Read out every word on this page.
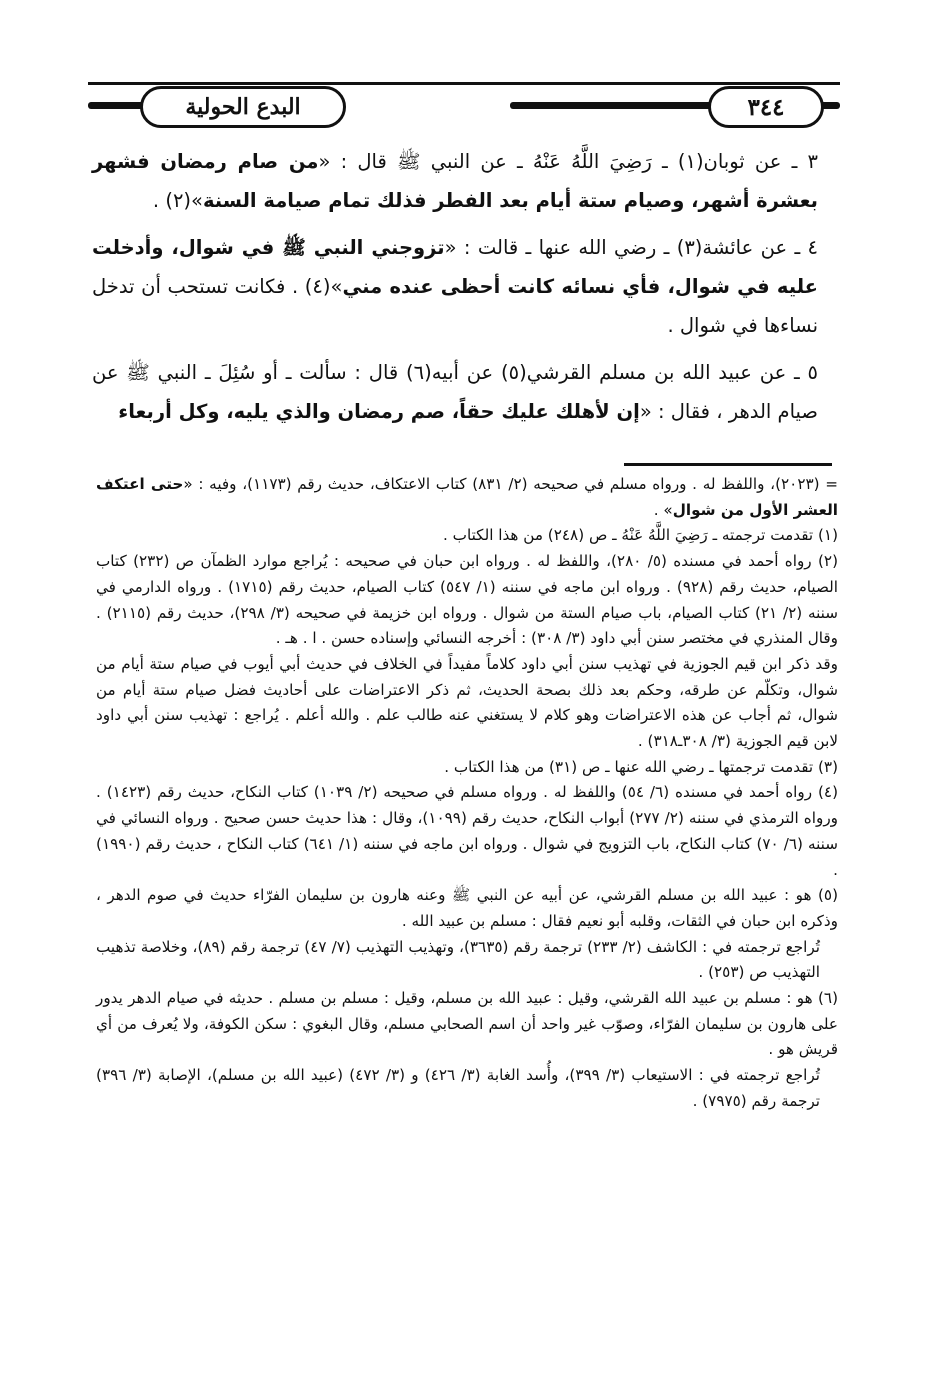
البدع الحولية	٣٤٤

٣ ـ عن ثوبان(١) ـ رَضِيَ اللَّهُ عَنْهُ ـ عن النبي ﷺ قال : «من صام رمضان فشهر بعشرة أشهر، وصيام ستة أيام بعد الفطر فذلك تمام صيامة السنة»(٢) .

٤ ـ عن عائشة(٣) ـ رضي الله عنها ـ قالت : «تزوجني النبي ﷺ في شوال، وأدخلت عليه في شوال، فأي نسائه كانت أحظى عنده مني»(٤) . فكانت تستحب أن تدخل نساءها في شوال .

٥ ـ عن عبيد الله بن مسلم القرشي(٥) عن أبيه(٦) قال : سألت ـ أو سُئِلَ ـ النبي ﷺ عن صيام الدهر ، فقال : «إن لأهلك عليك حقاً، صم رمضان والذي يليه، وكل أربعاء

= (٢٠٢٣)، واللفظ له . ورواه مسلم في صحيحه (٢/ ٨٣١) كتاب الاعتكاف، حديث رقم (١١٧٣)، وفيه : «حتى اعتكف العشر الأول من شوال» .

(١) تقدمت ترجمته ـ رَضِيَ اللَّهُ عَنْهُ ـ ص (٢٤٨) من هذا الكتاب .

(٢) رواه أحمد في مسنده (٥/ ٢٨٠)، واللفظ له . ورواه ابن حبان في صحيحه : يُراجع موارد الظمآن ص (٢٣٢) كتاب الصيام، حديث رقم (٩٢٨) . ورواه ابن ماجه في سننه (١/ ٥٤٧) كتاب الصيام، حديث رقم (١٧١٥) . ورواه الدارمي في سننه (٢/ ٢١) كتاب الصيام، باب صيام الستة من شوال . ورواه ابن خزيمة في صحيحه (٣/ ٢٩٨)، حديث رقم (٢١١٥) . وقال المنذري في مختصر سنن أبي داود (٣/ ٣٠٨) : أخرجه النسائي وإسناده حسن . ا . هـ .

وقد ذكر ابن قيم الجوزية في تهذيب سنن أبي داود كلاماً مفيداً في الخلاف في حديث أبي أيوب في صيام ستة أيام من شوال، وتكلّم عن طرقه، وحكم بعد ذلك بصحة الحديث، ثم ذكر الاعتراضات على أحاديث فضل صيام ستة أيام من شوال، ثم أجاب عن هذه الاعتراضات وهو كلام لا يستغني عنه طالب علم . والله أعلم . يُراجع : تهذيب سنن أبي داود لابن قيم الجوزية (٣/ ٣٠٨ـ٣١٨) .

(٣) تقدمت ترجمتها ـ رضي الله عنها ـ ص (٣١) من هذا الكتاب .

(٤) رواه أحمد في مسنده (٦/ ٥٤) واللفظ له . ورواه مسلم في صحيحه (٢/ ١٠٣٩) كتاب النكاح، حديث رقم (١٤٢٣) . ورواه الترمذي في سننه (٢/ ٢٧٧) أبواب النكاح، حديث رقم (١٠٩٩)، وقال : هذا حديث حسن صحيح . ورواه النسائي في سننه (٦/ ٧٠) كتاب النكاح، باب التزويج في شوال . ورواه ابن ماجه في سننه (١/ ٦٤١) كتاب النكاح ، حديث رقم (١٩٩٠) .

(٥) هو : عبيد الله بن مسلم القرشي، عن أبيه عن النبي ﷺ وعنه هارون بن سليمان الفرّاء حديث في صوم الدهر ، وذكره ابن حبان في الثقات، وقلبه أبو نعيم فقال : مسلم بن عبيد الله .

تُراجع ترجمته في : الكاشف (٢/ ٢٣٣) ترجمة رقم (٣٦٣٥)، وتهذيب التهذيب (٧/ ٤٧) ترجمة رقم (٨٩)، وخلاصة تذهيب التهذيب ص (٢٥٣) .

(٦) هو : مسلم بن عبيد الله القرشي، وقيل : عبيد الله بن مسلم، وقيل : مسلم بن مسلم . حديثه في صيام الدهر يدور على هارون بن سليمان الفرّاء، وصوّب غير واحد أن اسم الصحابي مسلم، وقال البغوي : سكن الكوفة، ولا يُعرف من أي قريش هو .

تُراجع ترجمته في : الاستيعاب (٣/ ٣٩٩)، وأُسد الغابة (٣/ ٤٢٦) و (٣/ ٤٧٢) (عبيد الله بن مسلم)، الإصابة (٣/ ٣٩٦) ترجمة رقم (٧٩٧٥) .
